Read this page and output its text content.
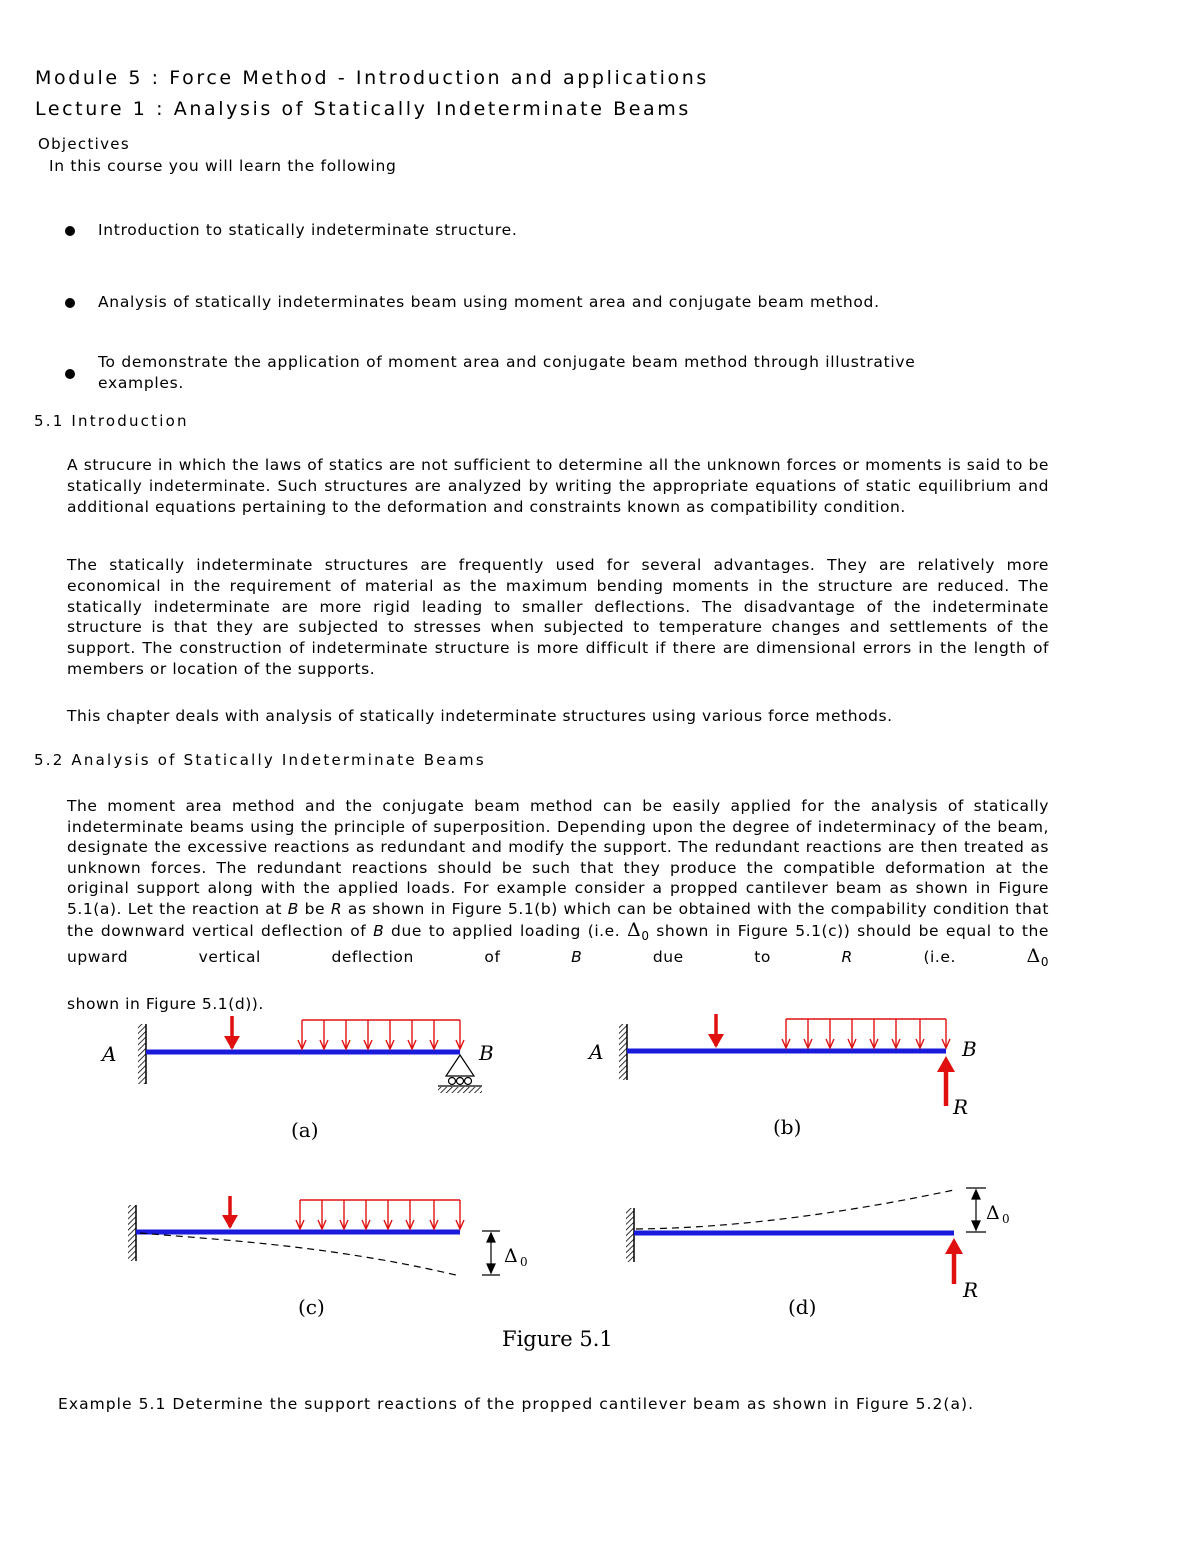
Module 5 : Force Method - Introduction and applications
Lecture 1 : Analysis of Statically Indeterminate Beams
Objectives
In this course you will learn the following
Introduction to statically indeterminate structure.
Analysis of statically indeterminates beam using moment area and conjugate beam method.
To demonstrate the application of moment area and conjugate beam method through illustrative
examples.
5.1 Introduction
A strucure in which the laws of statics are not sufficient to determine all the unknown forces or moments is said to be statically indeterminate. Such structures are analyzed by writing the appropriate equations of static equilibrium and additional equations pertaining to the deformation and constraints known as compatibility condition.
The statically indeterminate structures are frequently used for several advantages. They are relatively more economical in the requirement of material as the maximum bending moments in the structure are reduced. The statically indeterminate are more rigid leading to smaller deflections. The disadvantage of the indeterminate structure is that they are subjected to stresses when subjected to temperature changes and settlements of the support. The construction of indeterminate structure is more difficult if there are dimensional errors in the length of members or location of the supports.
This chapter deals with analysis of statically indeterminate structures using various force methods.
5.2 Analysis of Statically Indeterminate Beams
The moment area method and the conjugate beam method can be easily applied for the analysis of statically indeterminate beams using the principle of superposition. Depending upon the degree of indeterminacy of the beam, designate the excessive reactions as redundant and modify the support. The redundant reactions are then treated as unknown forces. The redundant reactions should be such that they produce the compatible deformation at the original support along with the applied loads. For example consider a propped cantilever beam as shown in Figure 5.1(a). Let the reaction at B be R as shown in Figure 5.1(b) which can be obtained with the compability condition that the downward vertical deflection of B due to applied loading (i.e. $\Delta_0$ shown in Figure 5.1(c)) should be equal to the upward vertical deflection of B due to R (i.e. $\Delta_0$  shown in Figure 5.1(d)).
A	B
(a)
A	B
R
(b)
Δ 0
(c)
Δ 0
R
(d)
Figure 5.1
Example 5.1 Determine the support reactions of the propped cantilever beam as shown in Figure 5.2(a).
